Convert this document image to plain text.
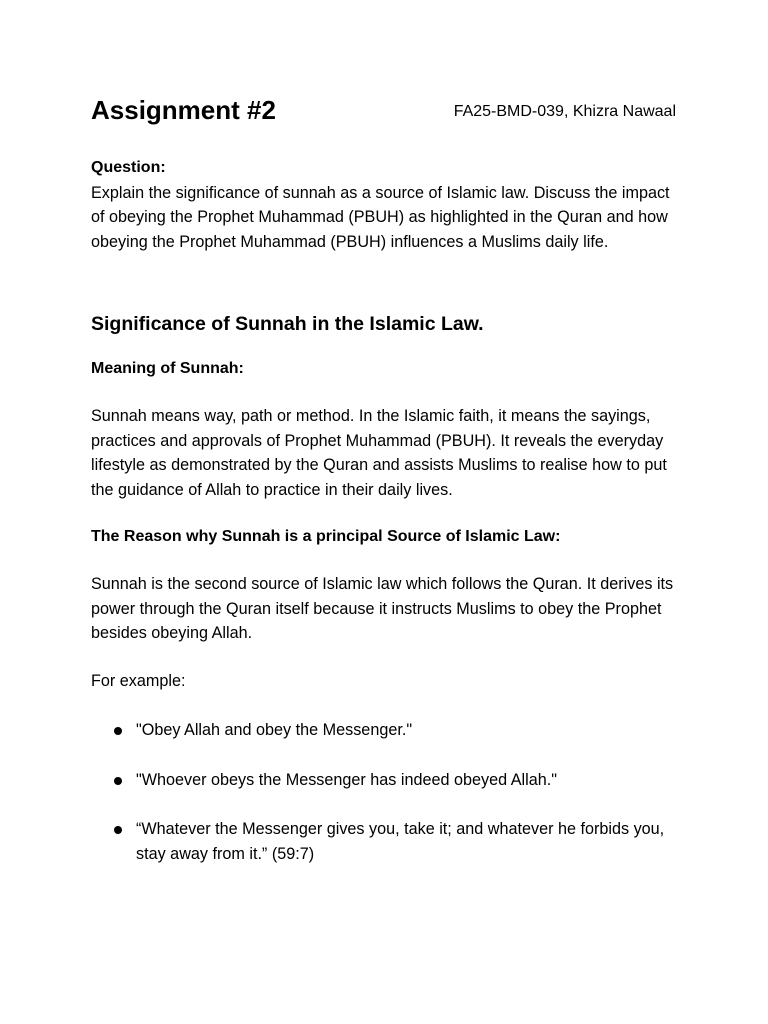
Assignment #2	FA25-BMD-039, Khizra Nawaal

Question:

Explain the significance of sunnah as a source of Islamic law. Discuss the impact of obeying the Prophet Muhammad (PBUH) as highlighted in the Quran and how obeying the Prophet Muhammad (PBUH) influences a Muslims daily life.

Significance of Sunnah in the Islamic Law.
Meaning of Sunnah:

Sunnah means way, path or method. In the Islamic faith, it means the sayings, practices and approvals of Prophet Muhammad (PBUH). It reveals the everyday lifestyle as demonstrated by the Quran and assists Muslims to realise how to put the guidance of Allah to practice in their daily lives.

The Reason why Sunnah is a principal Source of Islamic Law:

Sunnah is the second source of Islamic law which follows the Quran. It derives its power through the Quran itself because it instructs Muslims to obey the Prophet besides obeying Allah.

For example:

"Obey Allah and obey the Messenger."
"Whoever obeys the Messenger has indeed obeyed Allah."
“Whatever the Messenger gives you, take it; and whatever he forbids you, stay away from it.” (59:7)
